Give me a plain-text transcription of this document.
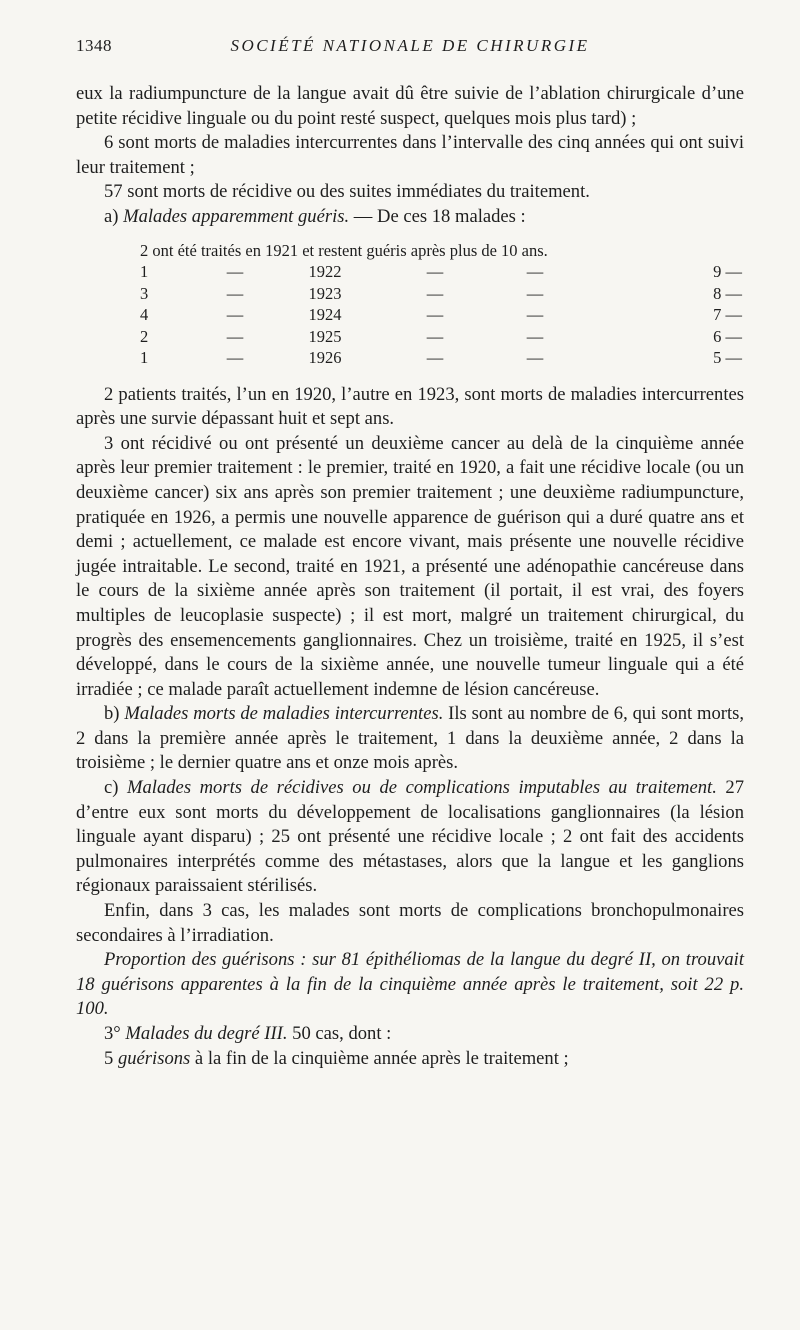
1348	SOCIÉTÉ NATIONALE DE CHIRURGIE

eux la radiumpuncture de la langue avait dû être suivie de l’ablation chirurgicale d’une petite récidive linguale ou du point resté suspect, quelques mois plus tard) ;

6 sont morts de maladies intercurrentes dans l’intervalle des cinq années qui ont suivi leur traitement ;

57 sont morts de récidive ou des suites immédiates du traitement.

a) Malades apparemment guéris. — De ces 18 malades :

2 ont été traités en 1921 et restent guéris après plus de 10 ans.					
1	—	1922	—	—	9 —
3	—	1923	—	—	8 —
4	—	1924	—	—	7 —
2	—	1925	—	—	6 —
1	—	1926	—	—	5 —

2 patients traités, l’un en 1920, l’autre en 1923, sont morts de maladies intercurrentes après une survie dépassant huit et sept ans.

3 ont récidivé ou ont présenté un deuxième cancer au delà de la cinquième année après leur premier traitement : le premier, traité en 1920, a fait une récidive locale (ou un deuxième cancer) six ans après son premier traitement ; une deuxième radiumpuncture, pratiquée en 1926, a permis une nouvelle apparence de guérison qui a duré quatre ans et demi ; actuellement, ce malade est encore vivant, mais présente une nouvelle récidive jugée intraitable. Le second, traité en 1921, a présenté une adénopathie cancéreuse dans le cours de la sixième année après son traitement (il portait, il est vrai, des foyers multiples de leucoplasie suspecte) ; il est mort, malgré un traitement chirurgical, du progrès des ensemencements ganglionnaires. Chez un troisième, traité en 1925, il s’est développé, dans le cours de la sixième année, une nouvelle tumeur linguale qui a été irradiée ; ce malade paraît actuellement indemne de lésion cancéreuse.

b) Malades morts de maladies intercurrentes. Ils sont au nombre de 6, qui sont morts, 2 dans la première année après le traitement, 1 dans la deuxième année, 2 dans la troisième ; le dernier quatre ans et onze mois après.

c) Malades morts de récidives ou de complications imputables au traitement. 27 d’entre eux sont morts du développement de localisations ganglionnaires (la lésion linguale ayant disparu) ; 25 ont présenté une récidive locale ; 2 ont fait des accidents pulmonaires interprétés comme des métastases, alors que la langue et les ganglions régionaux paraissaient stérilisés.

Enfin, dans 3 cas, les malades sont morts de complications bronchopulmonaires secondaires à l’irradiation.

Proportion des guérisons : sur 81 épithéliomas de la langue du degré II, on trouvait 18 guérisons apparentes à la fin de la cinquième année après le traitement, soit 22 p. 100.

3° Malades du degré III. 50 cas, dont :

5 guérisons à la fin de la cinquième année après le traitement ;
